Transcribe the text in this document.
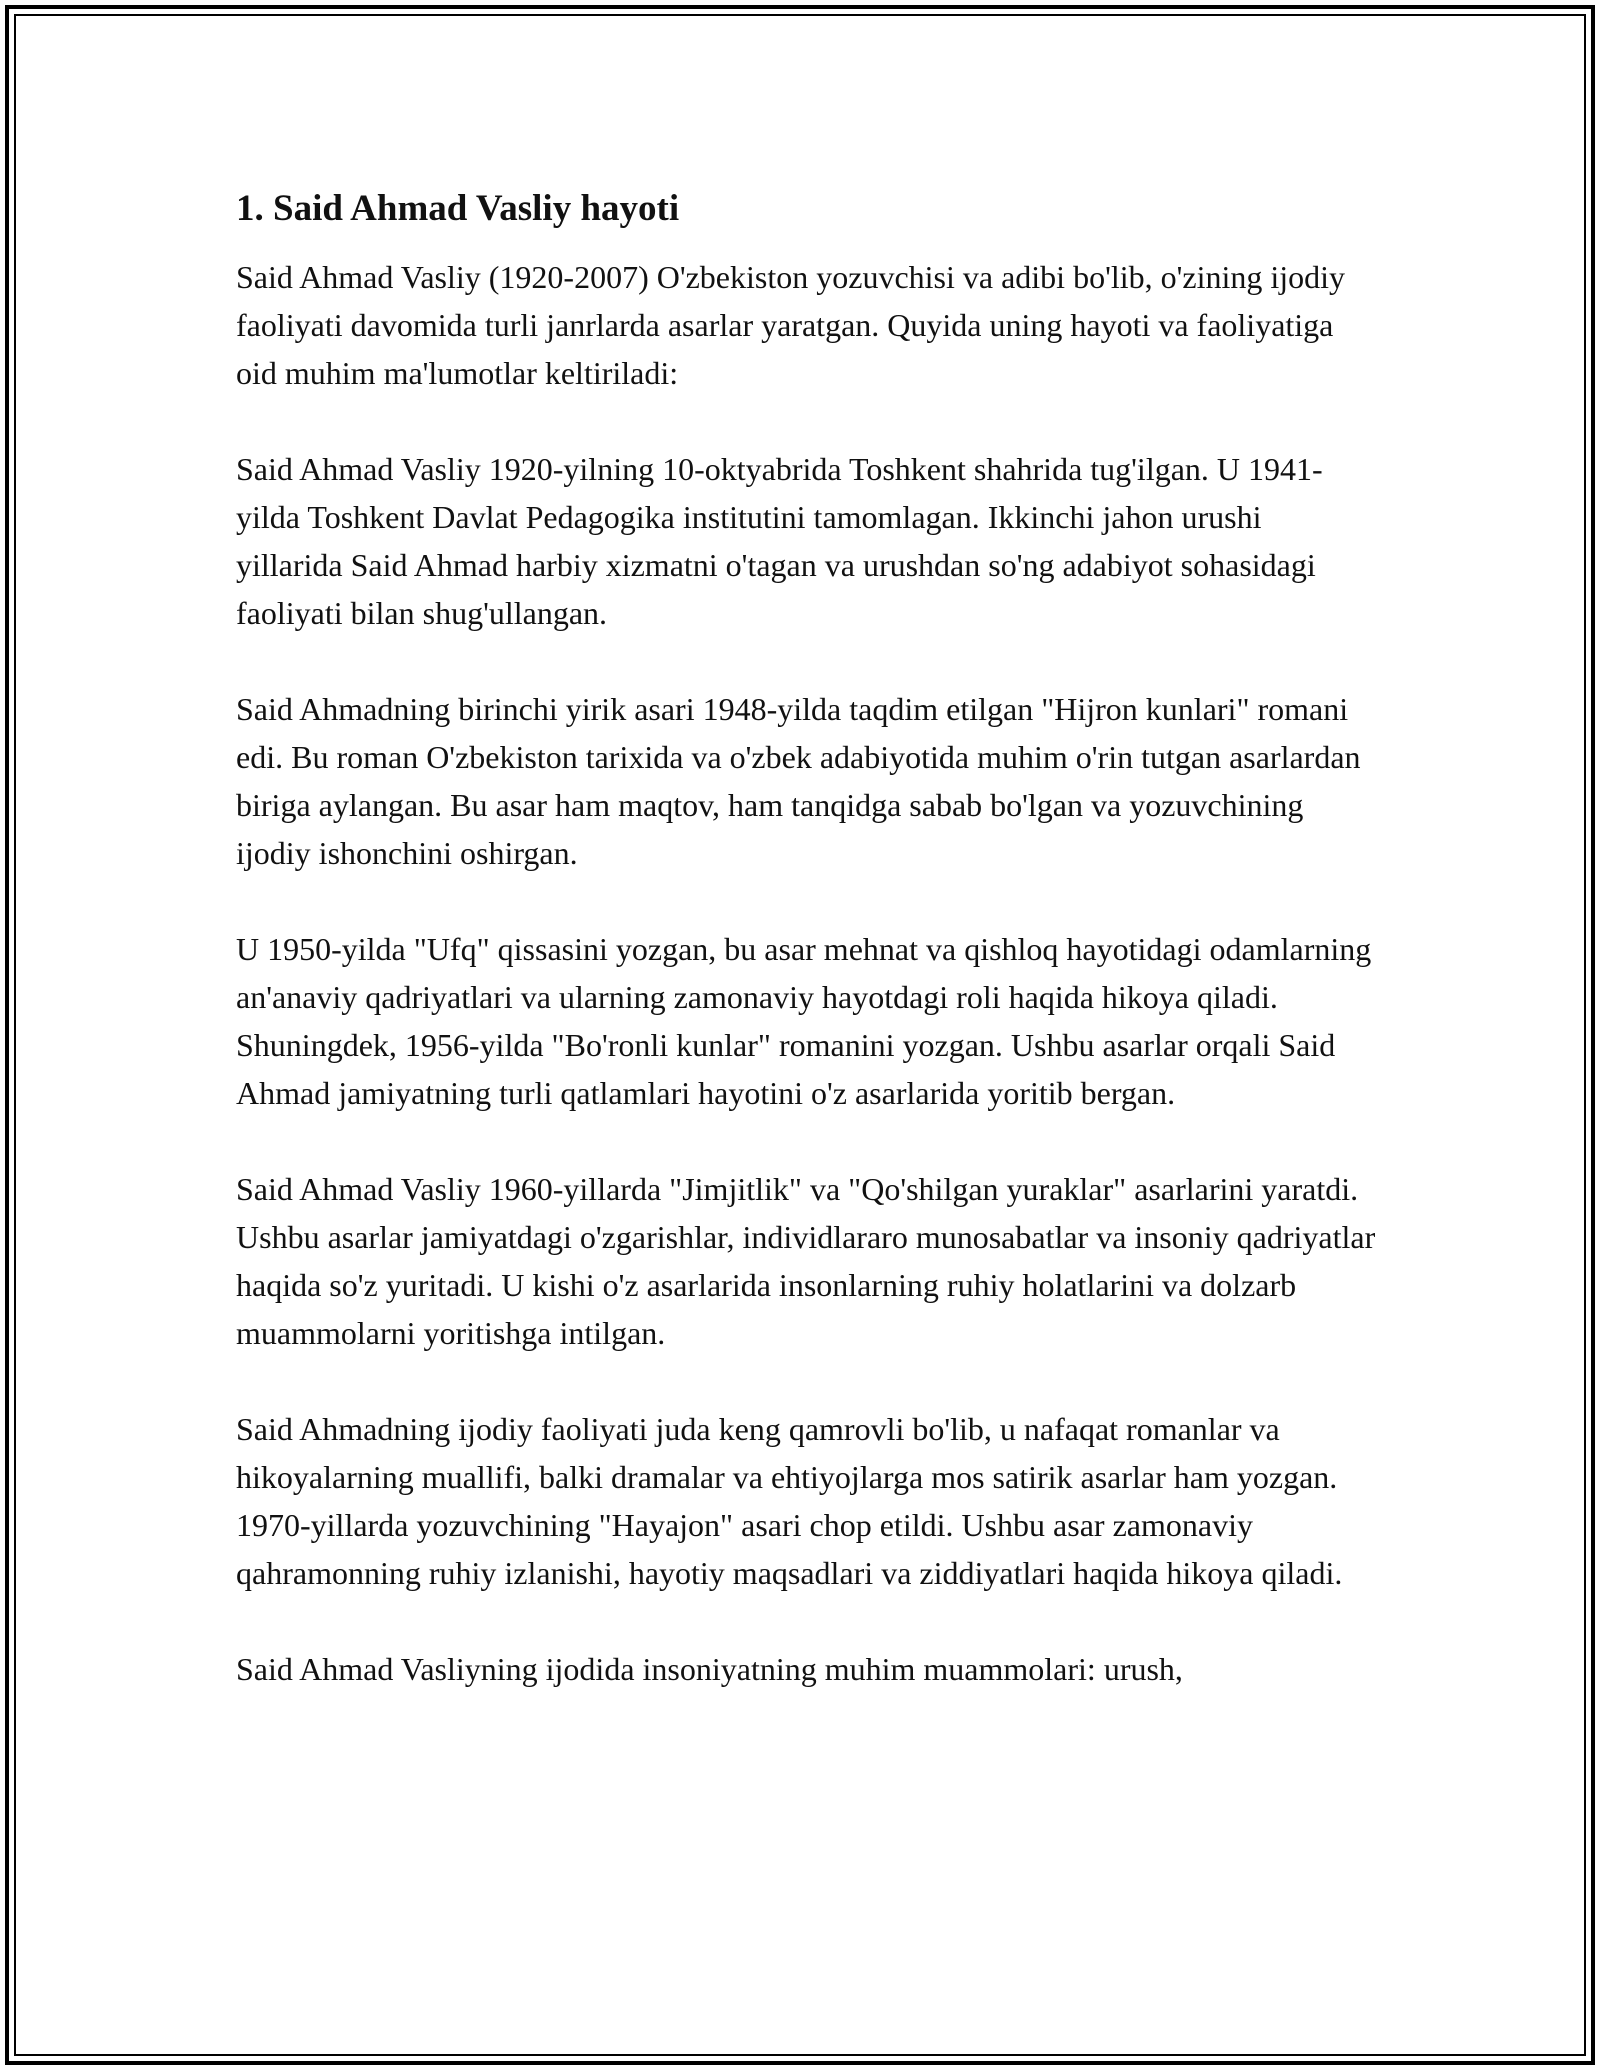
1. Said Ahmad Vasliy hayoti

Said Ahmad Vasliy (1920-2007) O'zbekiston yozuvchisi va adibi bo'lib, o'zining ijodiy faoliyati davomida turli janrlarda asarlar yaratgan. Quyida uning hayoti va faoliyatiga oid muhim ma'lumotlar keltiriladi:

Said Ahmad Vasliy 1920-yilning 10-oktyabrida Toshkent shahrida tug'ilgan. U 1941-yilda Toshkent Davlat Pedagogika institutini tamomlagan. Ikkinchi jahon urushi yillarida Said Ahmad harbiy xizmatni o'tagan va urushdan so'ng adabiyot sohasidagi faoliyati bilan shug'ullangan.

Said Ahmadning birinchi yirik asari 1948-yilda taqdim etilgan "Hijron kunlari" romani edi. Bu roman O'zbekiston tarixida va o'zbek adabiyotida muhim o'rin tutgan asarlardan biriga aylangan. Bu asar ham maqtov, ham tanqidga sabab bo'lgan va yozuvchining ijodiy ishonchini oshirgan.

U 1950-yilda "Ufq" qissasini yozgan, bu asar mehnat va qishloq hayotidagi odamlarning an'anaviy qadriyatlari va ularning zamonaviy hayotdagi roli haqida hikoya qiladi. Shuningdek, 1956-yilda "Bo'ronli kunlar" romanini yozgan. Ushbu asarlar orqali Said Ahmad jamiyatning turli qatlamlari hayotini o'z asarlarida yoritib bergan.

Said Ahmad Vasliy 1960-yillarda "Jimjitlik" va "Qo'shilgan yuraklar" asarlarini yaratdi. Ushbu asarlar jamiyatdagi o'zgarishlar, individlararo munosabatlar va insoniy qadriyatlar haqida so'z yuritadi. U kishi o'z asarlarida insonlarning ruhiy holatlarini va dolzarb muammolarni yoritishga intilgan.

Said Ahmadning ijodiy faoliyati juda keng qamrovli bo'lib, u nafaqat romanlar va hikoyalarning muallifi, balki dramalar va ehtiyojlarga mos satirik asarlar ham yozgan. 1970-yillarda yozuvchining "Hayajon" asari chop etildi. Ushbu asar zamonaviy qahramonning ruhiy izlanishi, hayotiy maqsadlari va ziddiyatlari haqida hikoya qiladi.

Said Ahmad Vasliyning ijodida insoniyatning muhim muammolari: urush,
